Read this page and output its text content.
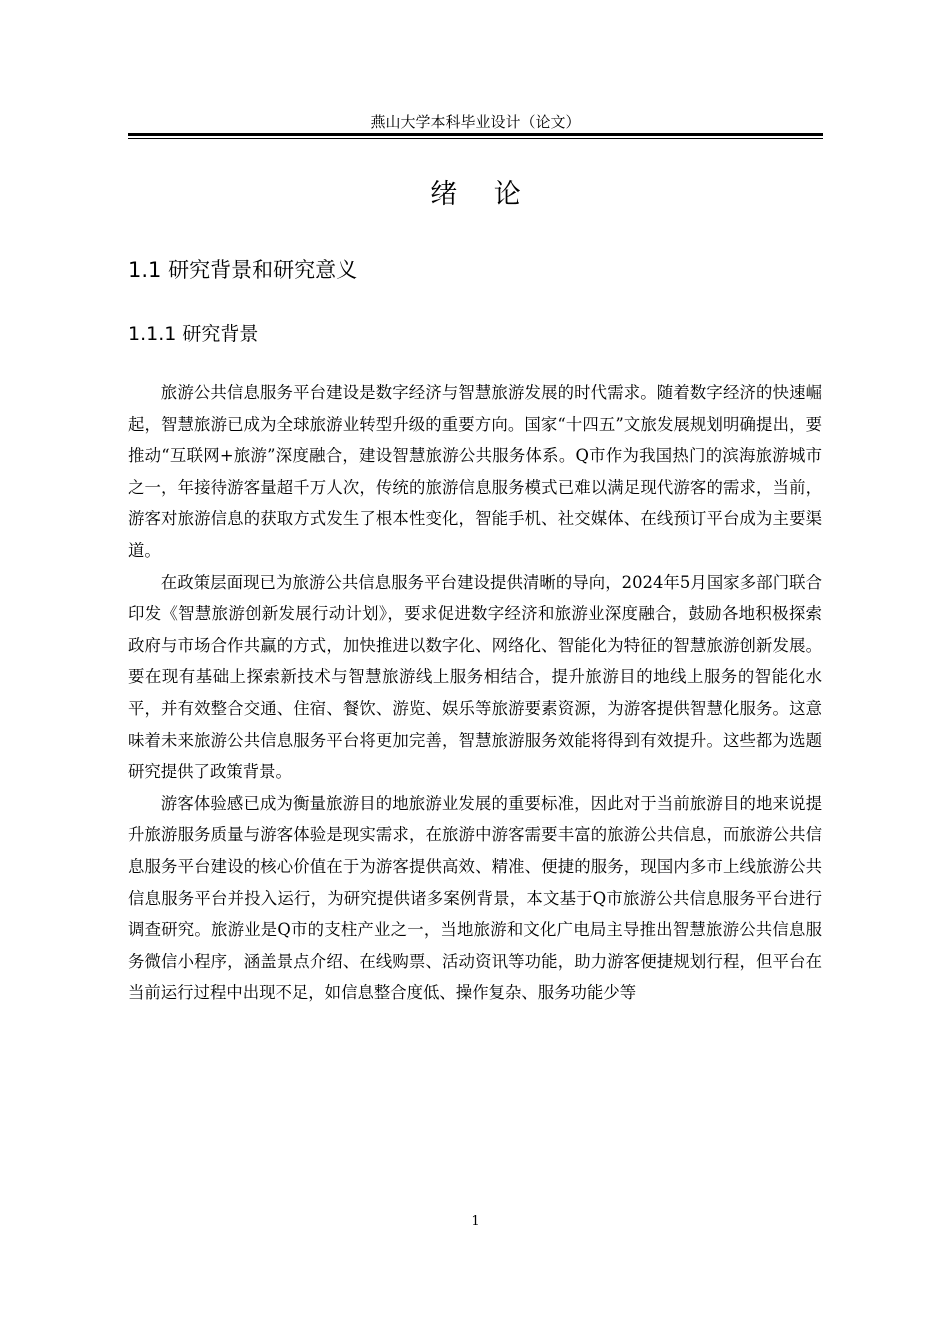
燕山大学本科毕业设计（论文）
绪 论
1.1 研究背景和研究意义
1.1.1 研究背景

旅游公共信息服务平台建设是数字经济与智慧旅游发展的时代需求。随着数字经济的快速崛起，智慧旅游已成为全球旅游业转型升级的重要方向。国家“十四五”文旅发展规划明确提出，要推动“互联网+旅游”深度融合，建设智慧旅游公共服务体系。Q市作为我国热门的滨海旅游城市之一，年接待游客量超千万人次，传统的旅游信息服务模式已难以满足现代游客的需求，当前，游客对旅游信息的获取方式发生了根本性变化，智能手机、社交媒体、在线预订平台成为主要渠道。

在政策层面现已为旅游公共信息服务平台建设提供清晰的导向，2024年5月国家多部门联合印发《智慧旅游创新发展行动计划》，要求促进数字经济和旅游业深度融合，鼓励各地积极探索政府与市场合作共赢的方式，加快推进以数字化、网络化、智能化为特征的智慧旅游创新发展。要在现有基础上探索新技术与智慧旅游线上服务相结合，提升旅游目的地线上服务的智能化水平，并有效整合交通、住宿、餐饮、游览、娱乐等旅游要素资源，为游客提供智慧化服务。这意味着未来旅游公共信息服务平台将更加完善，智慧旅游服务效能将得到有效提升。这些都为选题研究提供了政策背景。

游客体验感已成为衡量旅游目的地旅游业发展的重要标准，因此对于当前旅游目的地来说提升旅游服务质量与游客体验是现实需求，在旅游中游客需要丰富的旅游公共信息，而旅游公共信息服务平台建设的核心价值在于为游客提供高效、精准、便捷的服务，现国内多市上线旅游公共信息服务平台并投入运行，为研究提供诸多案例背景，本文基于Q市旅游公共信息服务平台进行调查研究。旅游业是Q市的支柱产业之一，当地旅游和文化广电局主导推出智慧旅游公共信息服务微信小程序，涵盖景点介绍、在线购票、活动资讯等功能，助力游客便捷规划行程，但平台在当前运行过程中出现不足，如信息整合度低、操作复杂、服务功能少等

1
